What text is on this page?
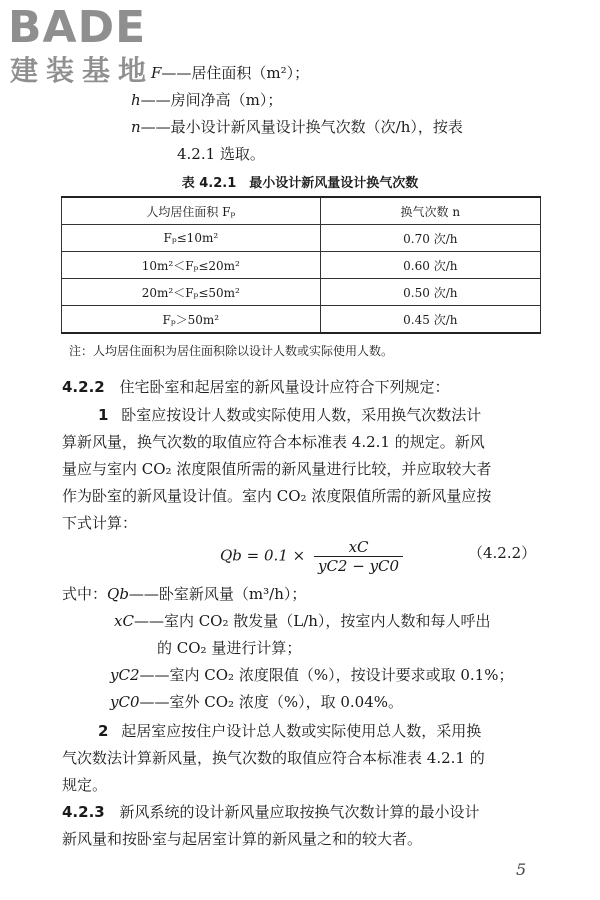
BADE
建装基地
F——居住面积（m²）；
h——房间净高（m）；
n——最小设计新风量设计换气次数（次/h），按表
4.2.1 选取。
表 4.2.1　最小设计新风量设计换气次数
人均居住面积 Fₚ	换气次数 n
Fₚ≤10m²	0.70 次/h
10m²＜Fₚ≤20m²	0.60 次/h
20m²＜Fₚ≤50m²	0.50 次/h
Fₚ＞50m²	0.45 次/h
注：人均居住面积为居住面积除以设计人数或实际使用人数。
4.2.2 住宅卧室和起居室的新风量设计应符合下列规定：
1 卧室应按设计人数或实际使用人数，采用换气次数法计
算新风量，换气次数的取值应符合本标准表 4.2.1 的规定。新风
量应与室内 CO₂ 浓度限值所需的新风量进行比较，并应取较大者
作为卧室的新风量设计值。室内 CO₂ 浓度限值所需的新风量应按
下式计算：
$Qb = 0.1 \times \frac{xC}{yC2 - yC0}$	（4.2.2）
式中：Qb——卧室新风量（m³/h）；
xC——室内 CO₂ 散发量（L/h），按室内人数和每人呼出
的 CO₂ 量进行计算；
yC2——室内 CO₂ 浓度限值（%），按设计要求或取 0.1%；
yC0——室外 CO₂ 浓度（%），取 0.04%。
2 起居室应按住户设计总人数或实际使用总人数，采用换
气次数法计算新风量，换气次数的取值应符合本标准表 4.2.1 的
规定。
4.2.3 新风系统的设计新风量应取按换气次数计算的最小设计
新风量和按卧室与起居室计算的新风量之和的较大者。
5
